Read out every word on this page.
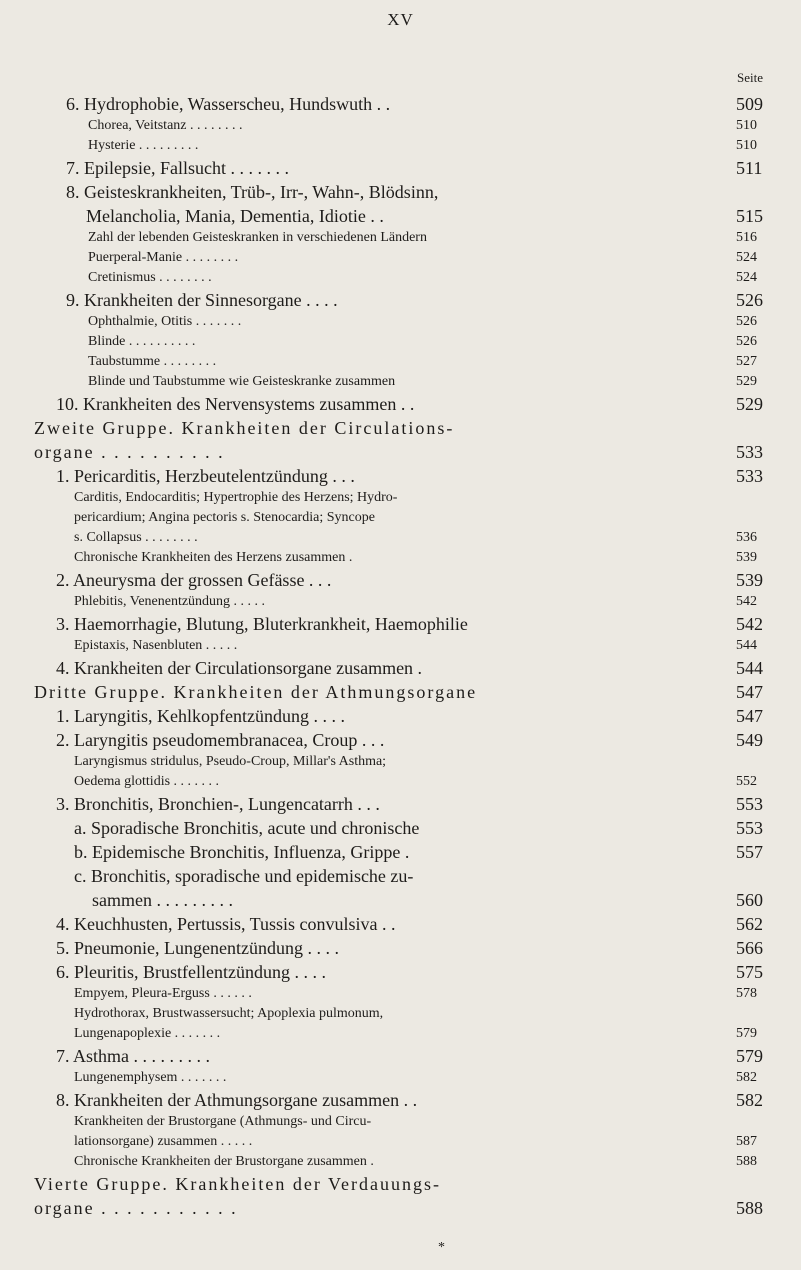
XV
Seite
6. Hydrophobie, Wasserscheu, Hundswuth . .	509
Chorea, Veitstanz . . . . . . . .	510
Hysterie . . . . . . . . .	510
7. Epilepsie, Fallsucht . . . . . . .	511
8. Geisteskrankheiten, Trüb-, Irr-, Wahn-, Blödsinn,
Melancholia, Mania, Dementia, Idiotie . .	515
Zahl der lebenden Geisteskranken in verschiedenen Ländern	516
Puerperal-Manie . . . . . . . .	524
Cretinismus . . . . . . . .	524
9. Krankheiten der Sinnesorgane . . . .	526
Ophthalmie, Otitis . . . . . . .	526
Blinde . . . . . . . . . .	526
Taubstumme . . . . . . . .	527
Blinde und Taubstumme wie Geisteskranke zusammen	529
10. Krankheiten des Nervensystems zusammen . .	529
Zweite Gruppe. Krankheiten der Circulations-
organe . . . . . . . . . .	533
1. Pericarditis, Herzbeutelentzündung . . .	533
Carditis, Endocarditis; Hypertrophie des Herzens; Hydro-
pericardium; Angina pectoris s. Stenocardia; Syncope
s. Collapsus . . . . . . . .	536
Chronische Krankheiten des Herzens zusammen .	539
2. Aneurysma der grossen Gefässe . . .	539
Phlebitis, Venenentzündung . . . . .	542
3. Haemorrhagie, Blutung, Bluterkrankheit, Haemophilie	542
Epistaxis, Nasenbluten . . . . .	544
4. Krankheiten der Circulationsorgane zusammen .	544
Dritte Gruppe. Krankheiten der Athmungsorgane	547
1. Laryngitis, Kehlkopfentzündung . . . .	547
2. Laryngitis pseudomembranacea, Croup . . .	549
Laryngismus stridulus, Pseudo-Croup, Millar's Asthma;
Oedema glottidis . . . . . . .	552
3. Bronchitis, Bronchien-, Lungencatarrh . . .	553
a. Sporadische Bronchitis, acute und chronische	553
b. Epidemische Bronchitis, Influenza, Grippe .	557
c. Bronchitis, sporadische und epidemische zu-
sammen . . . . . . . . .	560
4. Keuchhusten, Pertussis, Tussis convulsiva . .	562
5. Pneumonie, Lungenentzündung . . . .	566
6. Pleuritis, Brustfellentzündung . . . .	575
Empyem, Pleura-Erguss . . . . . .	578
Hydrothorax, Brustwassersucht; Apoplexia pulmonum,
Lungenapoplexie . . . . . . .	579
7. Asthma . . . . . . . . .	579
Lungenemphysem . . . . . . .	582
8. Krankheiten der Athmungsorgane zusammen . .	582
Krankheiten der Brustorgane (Athmungs- und Circu-
lationsorgane) zusammen . . . . .	587
Chronische Krankheiten der Brustorgane zusammen .	588
Vierte Gruppe. Krankheiten der Verdauungs-
organe . . . . . . . . . . .	588
*
